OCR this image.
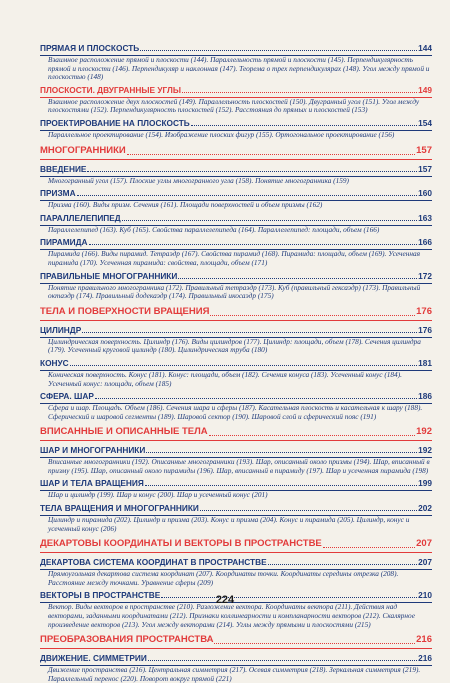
ПРЯМАЯ И ПЛОСКОСТЬ	144
Взаимное расположение прямой и плоскости (144). Параллельность прямой и плоскости (145). Перпендикулярность прямой и плоскости (146). Перпендикуляр и наклонная (147). Теорема о трех перпендикулярах (148). Угол между прямой и плоскостью (148)
ПЛОСКОСТИ. ДВУГРАННЫЕ УГЛЫ	149
Взаимное расположение двух плоскостей (149). Параллельность плоскостей (150). Двугранный угол (151). Угол между плоскостями (152). Перпендикулярность плоскостей (152). Расстояния до прямых и плоскостей (153)
ПРОЕКТИРОВАНИЕ НА ПЛОСКОСТЬ	154
Параллельное проектирование (154). Изображение плоских фигур (155). Ортогональное проектирование (156)
МНОГОГРАННИКИ	157
ВВЕДЕНИЕ	157
Многогранный угол (157). Плоские углы многогранного угла (158). Понятие многогранника (159)
ПРИЗМА	160
Призма (160). Виды призм. Сечения (161). Площади поверхностей и объем призмы (162)
ПАРАЛЛЕЛЕПИПЕД	163
Параллелепипед (163). Куб (165). Свойства параллелепипеда (164). Параллелепипед: площади, объем (166)
ПИРАМИДА	166
Пирамида (166). Виды пирамид. Тетраэдр (167). Свойства пирамид (168). Пирамида: площади, объем (169). Усеченная пирамида (170). Усеченная пирамида: свойства, площади, объем (171)
ПРАВИЛЬНЫЕ МНОГОГРАННИКИ	172
Понятие правильного многогранника (172). Правильный тетраэдр (173). Куб (правильный гексаэдр) (173). Правильный октаэдр (174). Правильный додекаэдр (174). Правильный икосаэдр (175)
ТЕЛА И ПОВЕРХНОСТИ ВРАЩЕНИЯ	176
ЦИЛИНДР	176
Цилиндрическая поверхность. Цилиндр (176). Виды цилиндров (177). Цилиндр: площади, объем (178). Сечения цилиндра (179). Усеченный круговой цилиндр (180). Цилиндрическая труба (180)
КОНУС	181
Коническая поверхность. Конус (181). Конус: площади, объем (182). Сечения конуса (183). Усеченный конус (184). Усеченный конус: площади, объем (185)
СФЕРА. ШАР	186
Сфера и шар. Площадь. Объем (186). Сечения шара и сферы (187). Касательная плоскость и касательная к шару (188). Сферический и шаровой сегменты (189). Шаровой сектор (190). Шаровой слой и сферический пояс (191)
ВПИСАННЫЕ И ОПИСАННЫЕ ТЕЛА	192
ШАР И МНОГОГРАННИКИ	192
Вписанные многогранники (192). Описанные многогранники (193). Шар, описанный около призмы (194). Шар, вписанный в призму (195). Шар, описанный около пирамиды (196). Шар, вписанный в пирамиду (197). Шар и усеченная пирамида (198)
ШАР И ТЕЛА ВРАЩЕНИЯ	199
Шар и цилиндр (199). Шар и конус (200). Шар и усеченный конус (201)
ТЕЛА ВРАЩЕНИЯ И МНОГОГРАННИКИ	202
Цилиндр и пирамида (202). Цилиндр и призма (203). Конус и призма (204). Конус и пирамида (205). Цилиндр, конус и усеченный конус (206)
ДЕКАРТОВЫ КООРДИНАТЫ И ВЕКТОРЫ В ПРОСТРАНСТВЕ	207
ДЕКАРТОВА СИСТЕМА КООРДИНАТ В ПРОСТРАНСТВЕ	207
Прямоугольная декартова система координат (207). Координаты точки. Координаты середины отрезка (208). Расстояние между точками. Уравнение сферы (209)
ВЕКТОРЫ В ПРОСТРАНСТВЕ	210
Вектор. Виды векторов в пространстве (210). Разложение вектора. Координаты вектора (211). Действия над векторами, заданными координатами (212). Признаки коллинеарности и компланарности векторов (212). Скалярное произведение векторов (213). Угол между векторами (214). Углы между прямыми и плоскостями (215)
ПРЕОБРАЗОВАНИЯ ПРОСТРАНСТВА	216
ДВИЖЕНИЕ. СИММЕТРИИ	216
Движение пространства (216). Центральная симметрия (217). Осевая симметрия (218). Зеркальная симметрия (219). Параллельный перенос (220). Поворот вокруг прямой (221)
224
